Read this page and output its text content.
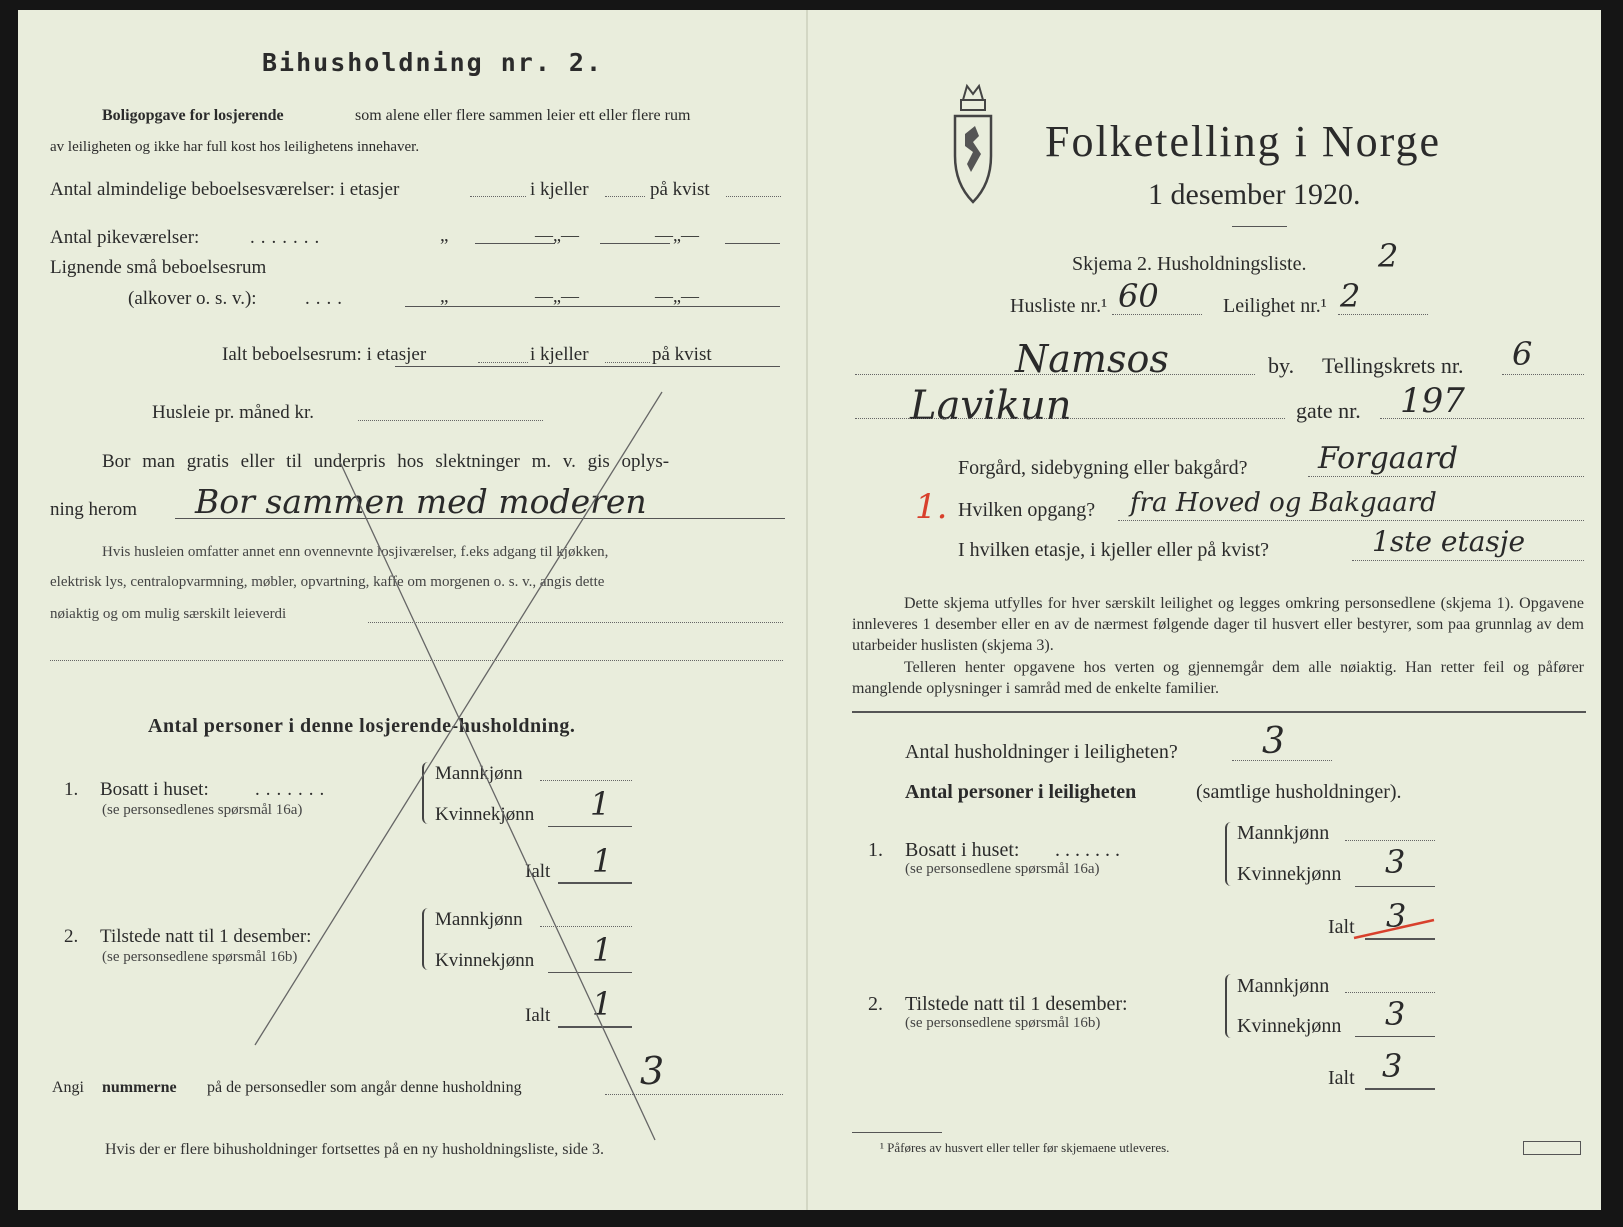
Bihusholdning nr. 2.
Boligopgave for losjerende	som alene eller flere sammen leier ett eller flere rum
av leiligheten og ikke har full kost hos leilighetens innehaver.
Antal almindelige beboelsesværelser: i etasjer	i kjeller	på kvist
Antal pikeværelser:	.......	„	—„—	—„—
Lignende små beboelsesrum
(alkover o. s. v.):	....	„	—„—	—„—
Ialt beboelsesrum: i etasjer	i kjeller	på kvist
Husleie pr. måned kr.
Bor man gratis eller til underpris hos slektninger m. v. gis oplys-
ning herom Bor sammen med moderen
Hvis husleien omfatter annet enn ovennevnte losjiværelser, f.eks adgang til kjøkken,
elektrisk lys, centralopvarmning, møbler, opvartning, kaffe om morgenen o. s. v., angis dette
nøiaktig og om mulig særskilt leieverdi
Antal personer i denne losjerende-husholdning.
1. Bosatt i huset: .......
(se personsedlenes spørsmål 16a)
Mannkjønn
Kvinnekjønn 1
Ialt 1
2. Tilstede natt til 1 desember:
(se personsedlene spørsmål 16b)
Mannkjønn
Kvinnekjønn 1
Ialt 1
Angi nummerne på de personsedler som angår denne husholdning	3
Hvis der er flere bihusholdninger fortsettes på en ny husholdningsliste, side 3.
Folketelling i Norge
1 desember 1920.
Skjema 2. Husholdningsliste. 2
Husliste nr.¹ 60	Leilighet nr.¹ 2
Namsos	by. Tellingskrets nr. 6
Lavikun	gate nr. 197
Forgård, sidebygning eller bakgård? Forgaard
1. Hvilken opgang? fra Hoved og Bakgaard
I hvilken etasje, i kjeller eller på kvist?	1ste etasje
Dette skjema utfylles for hver særskilt leilighet og legges omkring personsedlene (skjema 1). Opgavene innleveres 1 desember eller en av de nærmest følgende dager til husvert eller bestyrer, som paa grunnlag av dem utarbeider huslisten (skjema 3).
Telleren henter opgavene hos verten og gjennemgår dem alle nøiaktig. Han retter feil og påfører manglende oplysninger i samråd med de enkelte familier.
Antal husholdninger i leiligheten? 3
Antal personer i leiligheten	(samtlige husholdninger).
1. Bosatt i huset: .......
(se personsedlene spørsmål 16a)
Mannkjønn
Kvinnekjønn 3
Ialt 3
2. Tilstede natt til 1 desember:
(se personsedlene spørsmål 16b)
Mannkjønn
Kvinnekjønn 3
Ialt 3
¹ Påføres av husvert eller teller før skjemaene utleveres.
